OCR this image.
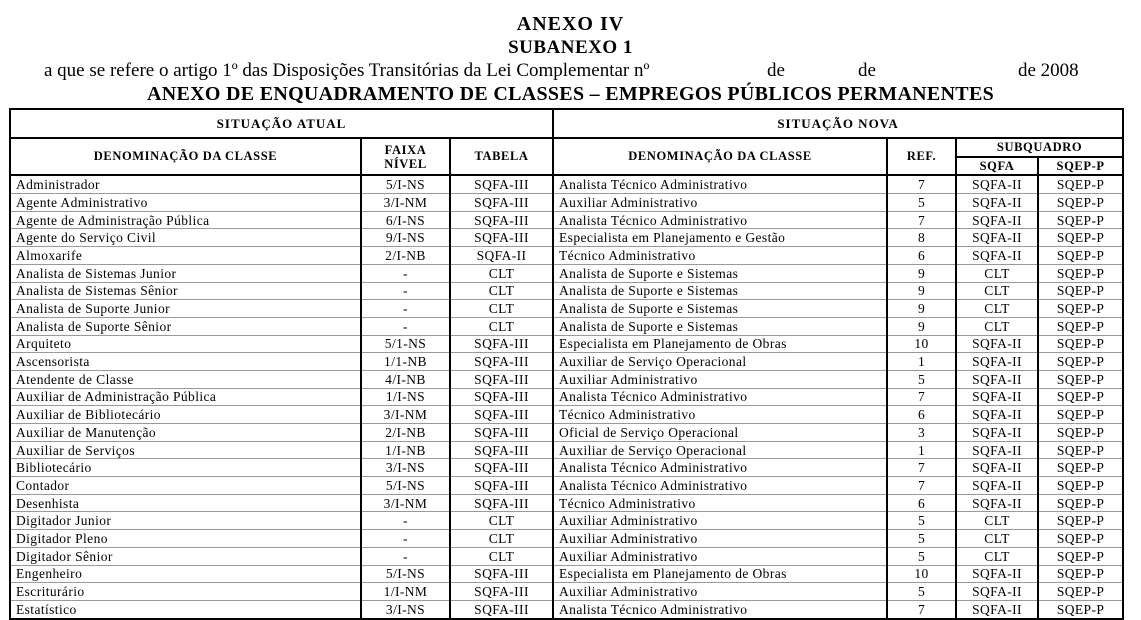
ANEXO IV
SUBANEXO 1
a que se refere o artigo 1º das Disposições Transitórias da Lei Complementar nº	de	de	de 2008
ANEXO DE ENQUADRAMENTO DE CLASSES – EMPREGOS PÚBLICOS PERMANENTES
SITUAÇÃO ATUAL			SITUAÇÃO NOVA			
DENOMINAÇÃO DA CLASSE	FAIXA NÍVEL	TABELA	DENOMINAÇÃO DA CLASSE	REF.	SUBQUADRO	
					SQFA	SQEP-P
Administrador	5/I-NS	SQFA-III	Analista Técnico Administrativo	7	SQFA-II	SQEP-P
Agente Administrativo	3/I-NM	SQFA-III	Auxiliar Administrativo	5	SQFA-II	SQEP-P
Agente de Administração Pública	6/I-NS	SQFA-III	Analista Técnico Administrativo	7	SQFA-II	SQEP-P
Agente do Serviço Civil	9/I-NS	SQFA-III	Especialista em Planejamento e Gestão	8	SQFA-II	SQEP-P
Almoxarife	2/I-NB	SQFA-II	Técnico Administrativo	6	SQFA-II	SQEP-P
Analista de Sistemas Junior	-	CLT	Analista de Suporte e Sistemas	9	CLT	SQEP-P
Analista de Sistemas Sênior	-	CLT	Analista de Suporte e Sistemas	9	CLT	SQEP-P
Analista de Suporte Junior	-	CLT	Analista de Suporte e Sistemas	9	CLT	SQEP-P
Analista de Suporte Sênior	-	CLT	Analista de Suporte e Sistemas	9	CLT	SQEP-P
Arquiteto	5/1-NS	SQFA-III	Especialista em Planejamento de Obras	10	SQFA-II	SQEP-P
Ascensorista	1/1-NB	SQFA-III	Auxiliar de Serviço Operacional	1	SQFA-II	SQEP-P
Atendente de Classe	4/I-NB	SQFA-III	Auxiliar Administrativo	5	SQFA-II	SQEP-P
Auxiliar de Administração Pública	1/I-NS	SQFA-III	Analista Técnico Administrativo	7	SQFA-II	SQEP-P
Auxiliar de Bibliotecário	3/I-NM	SQFA-III	Técnico Administrativo	6	SQFA-II	SQEP-P
Auxiliar de Manutenção	2/I-NB	SQFA-III	Oficial de Serviço Operacional	3	SQFA-II	SQEP-P
Auxiliar de Serviços	1/I-NB	SQFA-III	Auxiliar de Serviço Operacional	1	SQFA-II	SQEP-P
Bibliotecário	3/I-NS	SQFA-III	Analista Técnico Administrativo	7	SQFA-II	SQEP-P
Contador	5/I-NS	SQFA-III	Analista Técnico Administrativo	7	SQFA-II	SQEP-P
Desenhista	3/I-NM	SQFA-III	Técnico Administrativo	6	SQFA-II	SQEP-P
Digitador Junior	-	CLT	Auxiliar Administrativo	5	CLT	SQEP-P
Digitador Pleno	-	CLT	Auxiliar Administrativo	5	CLT	SQEP-P
Digitador Sênior	-	CLT	Auxiliar Administrativo	5	CLT	SQEP-P
Engenheiro	5/I-NS	SQFA-III	Especialista em Planejamento de Obras	10	SQFA-II	SQEP-P
Escriturário	1/I-NM	SQFA-III	Auxiliar Administrativo	5	SQFA-II	SQEP-P
Estatístico	3/I-NS	SQFA-III	Analista Técnico Administrativo	7	SQFA-II	SQEP-P
